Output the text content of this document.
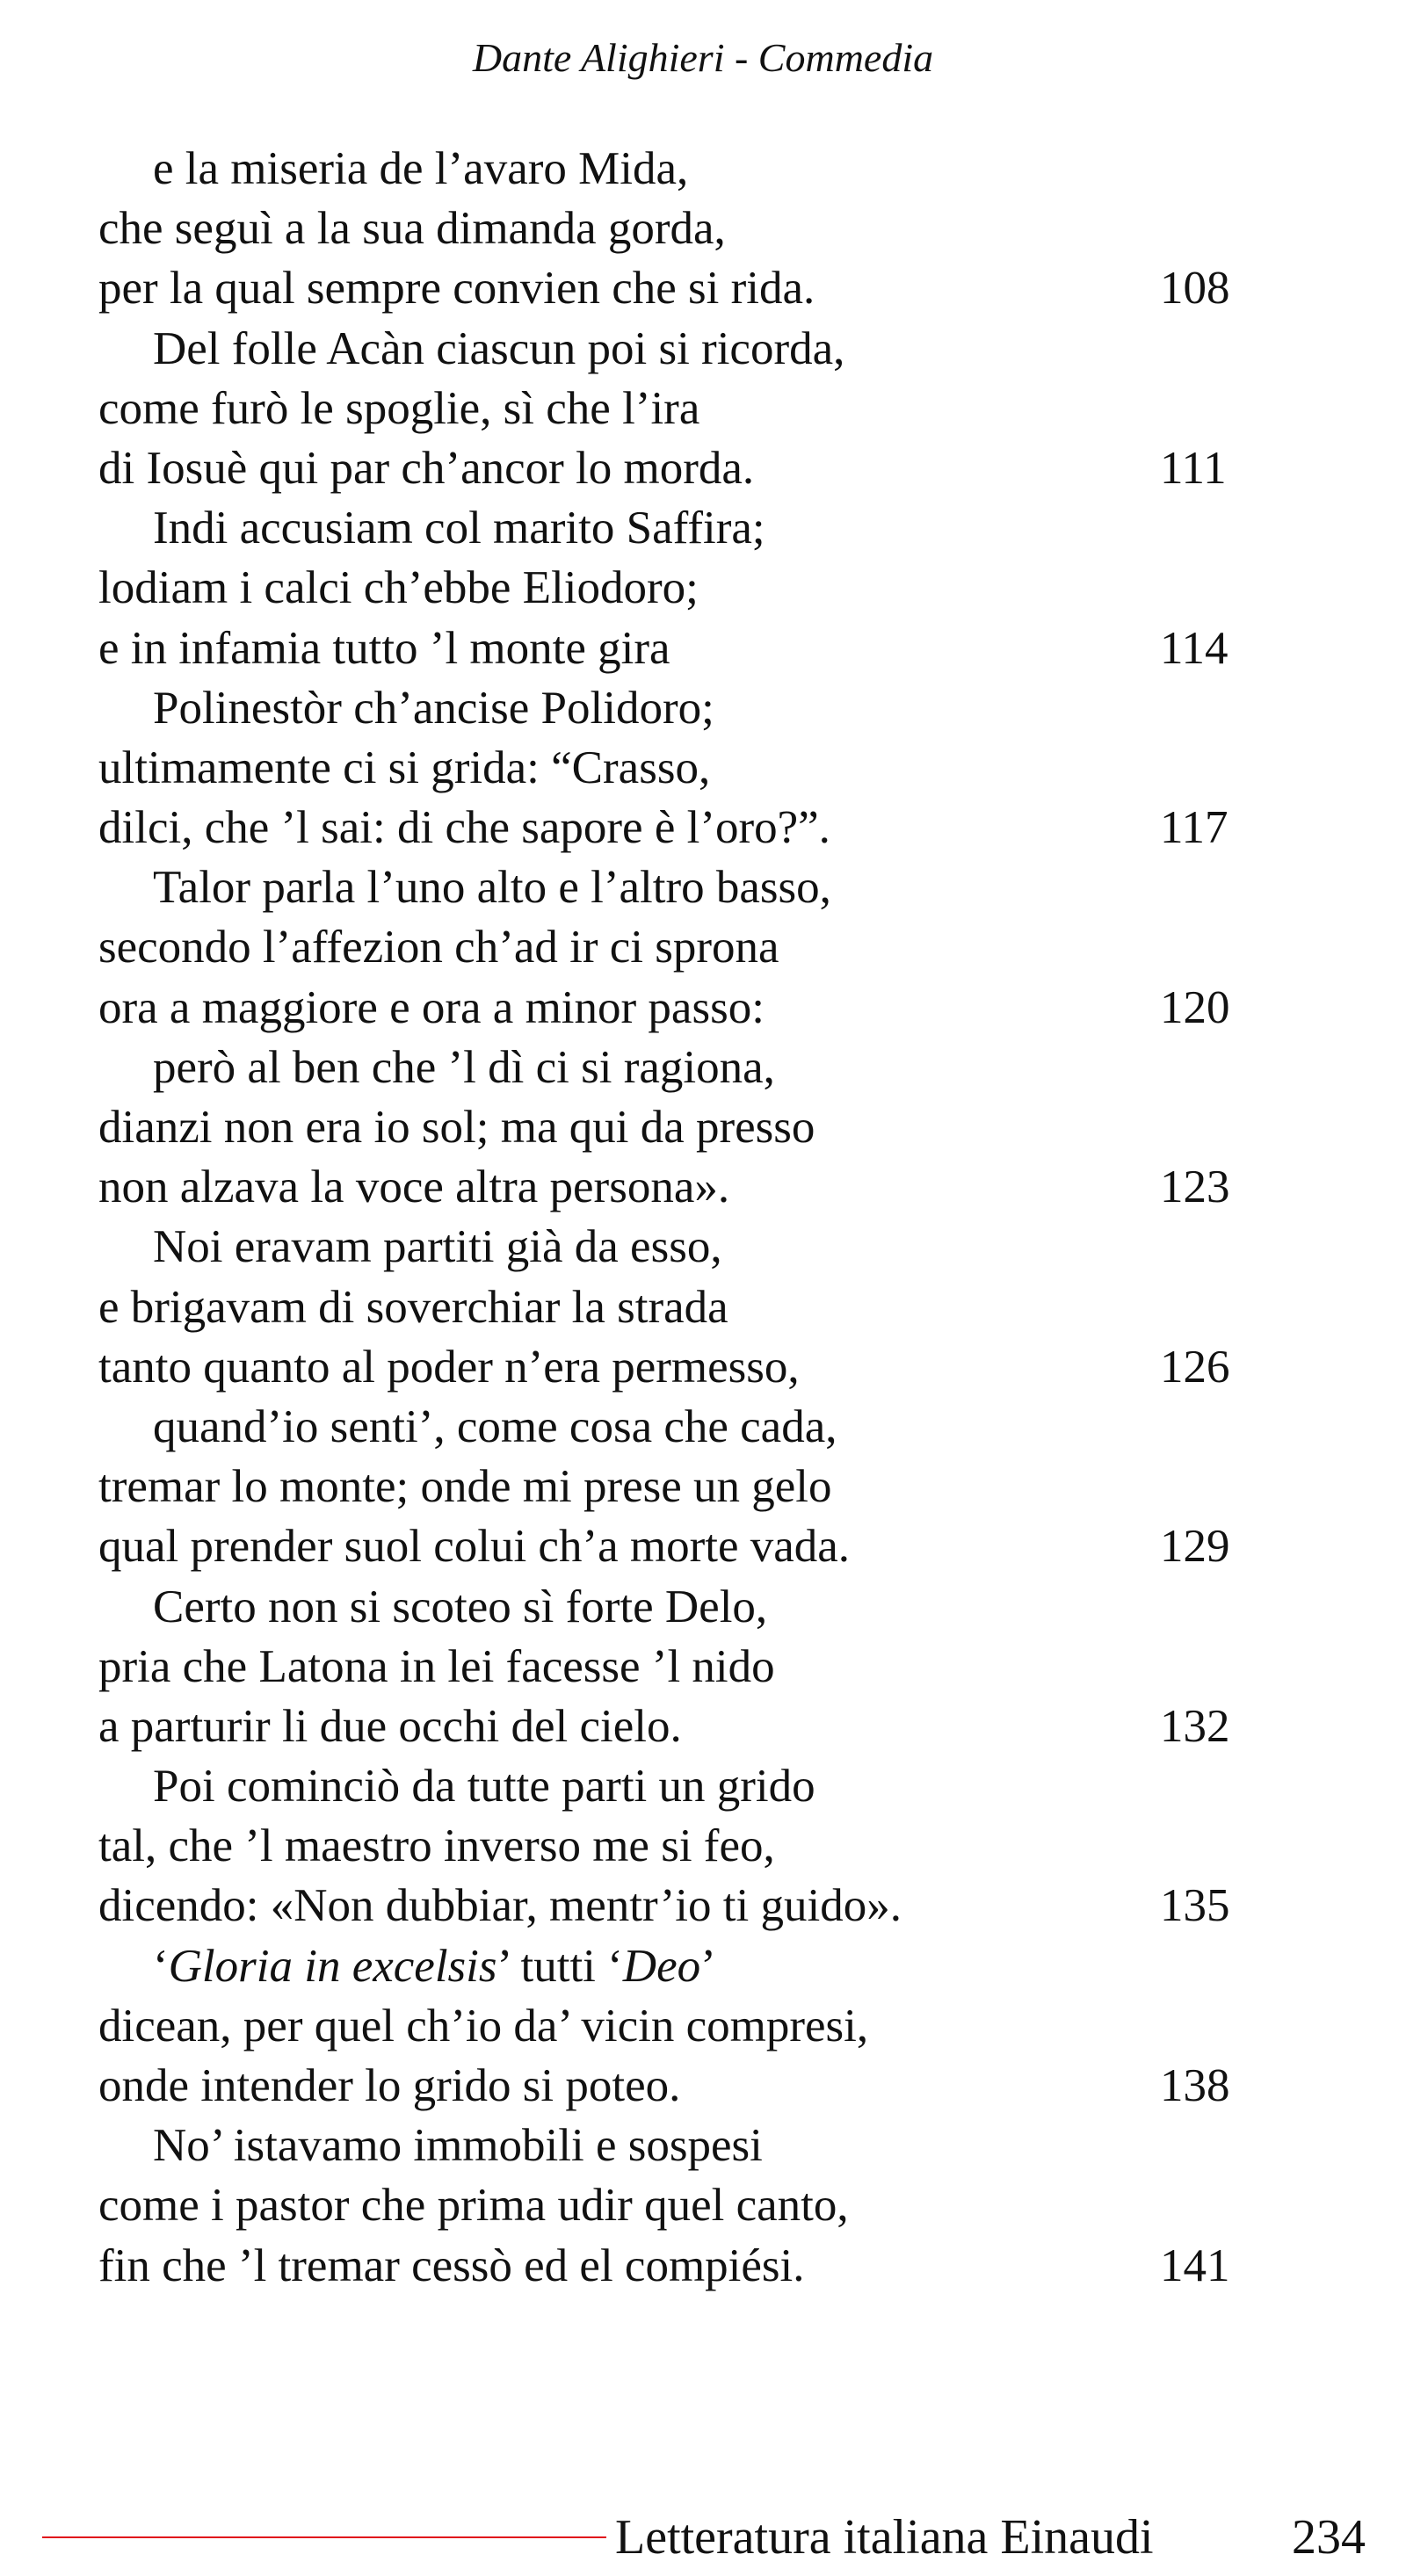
Dante Alighieri - Commedia
e la miseria de l’avaro Mida,
che seguì a la sua dimanda gorda,
per la qual sempre convien che si rida.	108
Del folle Acàn ciascun poi si ricorda,
come furò le spoglie, sì che l’ira
di Iosuè qui par ch’ancor lo morda.	111
Indi accusiam col marito Saffira;
lodiam i calci ch’ebbe Eliodoro;
e in infamia tutto ’l monte gira	114
Polinestòr ch’ancise Polidoro;
ultimamente ci si grida: “Crasso,
dilci, che ’l sai: di che sapore è l’oro?”.	117
Talor parla l’uno alto e l’altro basso,
secondo l’affezion ch’ad ir ci sprona
ora a maggiore e ora a minor passo:	120
però al ben che ’l dì ci si ragiona,
dianzi non era io sol; ma qui da presso
non alzava la voce altra persona».	123
Noi eravam partiti già da esso,
e brigavam di soverchiar la strada
tanto quanto al poder n’era permesso,	126
quand’io senti’, come cosa che cada,
tremar lo monte; onde mi prese un gelo
qual prender suol colui ch’a morte vada.	129
Certo non si scoteo sì forte Delo,
pria che Latona in lei facesse ’l nido
a parturir li due occhi del cielo.	132
Poi cominciò da tutte parti un grido
tal, che ’l maestro inverso me si feo,
dicendo: «Non dubbiar, mentr’io ti guido».	135
‘Gloria in excelsis’ tutti ‘Deo’
dicean, per quel ch’io da’ vicin compresi,
onde intender lo grido si poteo.	138
No’ istavamo immobili e sospesi
come i pastor che prima udir quel canto,
fin che ’l tremar cessò ed el compiési.	141
Letteratura italiana Einaudi	234
